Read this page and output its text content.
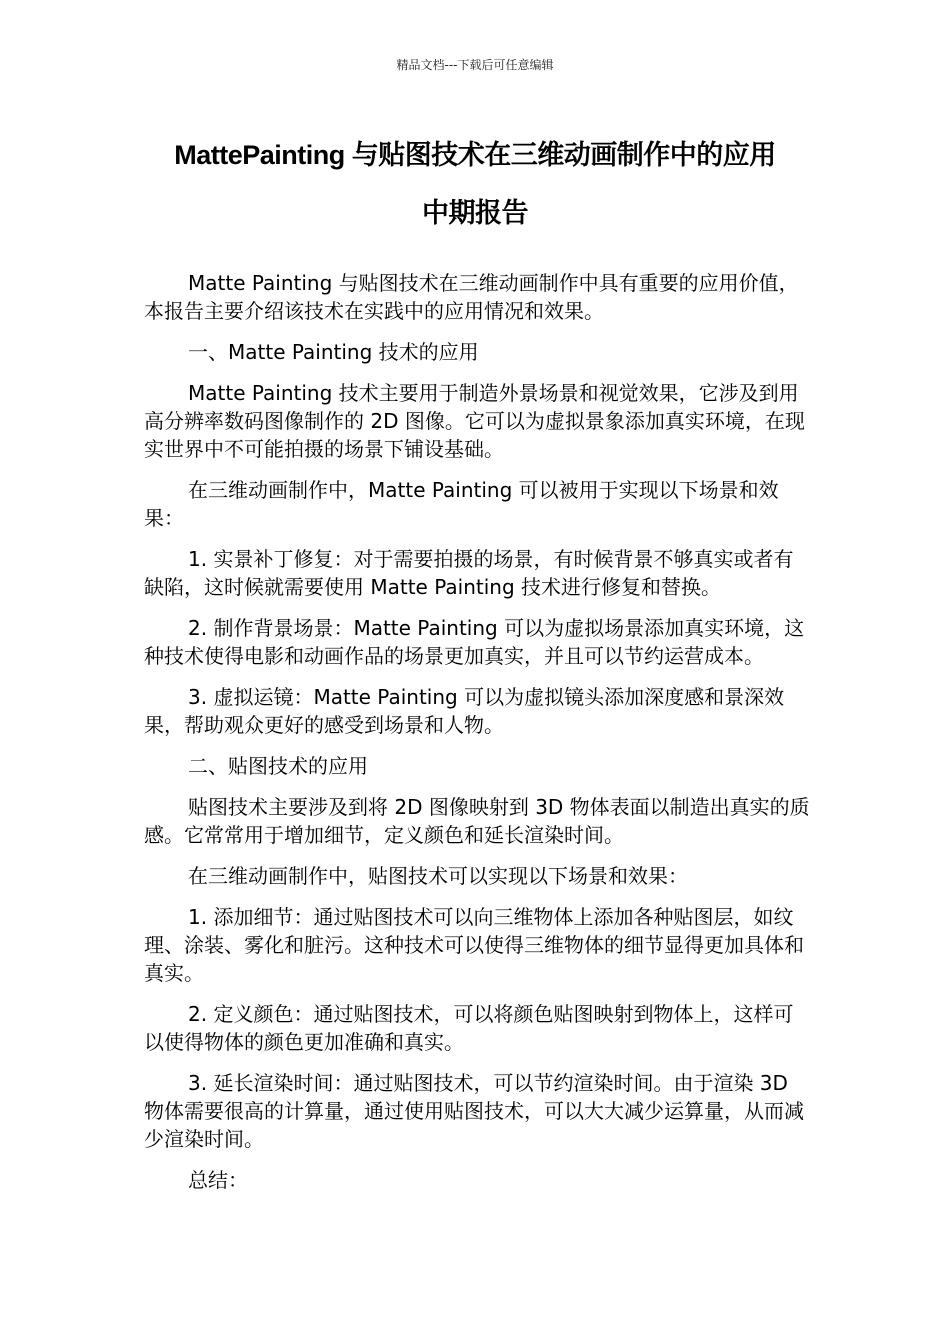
精品文档---下载后可任意编辑
MattePainting 与贴图技术在三维动画制作中的应用
中期报告

Matte Painting 与贴图技术在三维动画制作中具有重要的应用价值，本报告主要介绍该技术在实践中的应用情况和效果。

一、Matte Painting 技术的应用

Matte Painting 技术主要用于制造外景场景和视觉效果，它涉及到用高分辨率数码图像制作的 2D 图像。它可以为虚拟景象添加真实环境，在现实世界中不可能拍摄的场景下铺设基础。

在三维动画制作中，Matte Painting 可以被用于实现以下场景和效果：

1. 实景补丁修复：对于需要拍摄的场景，有时候背景不够真实或者有缺陷，这时候就需要使用 Matte Painting 技术进行修复和替换。

2. 制作背景场景：Matte Painting 可以为虚拟场景添加真实环境，这种技术使得电影和动画作品的场景更加真实，并且可以节约运营成本。

3. 虚拟运镜：Matte Painting 可以为虚拟镜头添加深度感和景深效果，帮助观众更好的感受到场景和人物。

二、贴图技术的应用

贴图技术主要涉及到将 2D 图像映射到 3D 物体表面以制造出真实的质感。它常常用于增加细节，定义颜色和延长渲染时间。

在三维动画制作中，贴图技术可以实现以下场景和效果：

1. 添加细节：通过贴图技术可以向三维物体上添加各种贴图层，如纹理、涂装、雾化和脏污。这种技术可以使得三维物体的细节显得更加具体和真实。

2. 定义颜色：通过贴图技术，可以将颜色贴图映射到物体上，这样可以使得物体的颜色更加准确和真实。

3. 延长渲染时间：通过贴图技术，可以节约渲染时间。由于渲染 3D 物体需要很高的计算量，通过使用贴图技术，可以大大减少运算量，从而减少渲染时间。

总结：
